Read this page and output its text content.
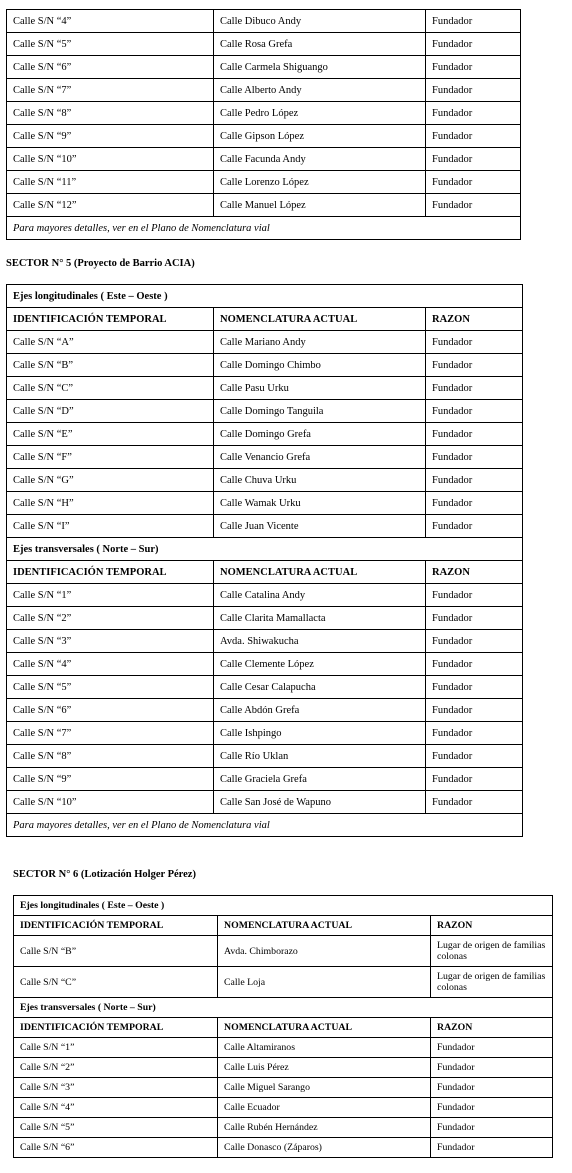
Calle S/N “4”	Calle Dibuco Andy	Fundador
Calle S/N “5”	Calle Rosa Grefa	Fundador
Calle S/N “6”	Calle Carmela Shiguango	Fundador
Calle S/N “7”	Calle Alberto Andy	Fundador
Calle S/N “8”	Calle Pedro López	Fundador
Calle S/N “9”	Calle Gipson López	Fundador
Calle S/N “10”	Calle Facunda Andy	Fundador
Calle S/N “11”	Calle Lorenzo López	Fundador
Calle S/N “12”	Calle Manuel López	Fundador
Para mayores detalles, ver en el Plano de Nomenclatura vial		
SECTOR N° 5 (Proyecto de Barrio ACIA)
Ejes longitudinales ( Este – Oeste )		
IDENTIFICACIÓN TEMPORAL	NOMENCLATURA ACTUAL	RAZON
Calle S/N “A”	Calle Mariano Andy	Fundador
Calle S/N “B”	Calle Domingo Chimbo	Fundador
Calle S/N “C”	Calle Pasu Urku	Fundador
Calle S/N “D”	Calle Domingo Tanguila	Fundador
Calle S/N “E”	Calle Domingo Grefa	Fundador
Calle S/N “F”	Calle Venancio Grefa	Fundador
Calle S/N “G”	Calle Chuva Urku	Fundador
Calle S/N “H”	Calle Wamak Urku	Fundador
Calle S/N “I”	Calle Juan Vicente	Fundador
Ejes transversales ( Norte – Sur)		
IDENTIFICACIÓN TEMPORAL	NOMENCLATURA ACTUAL	RAZON
Calle S/N “1”	Calle Catalina Andy	Fundador
Calle S/N “2”	Calle Clarita Mamallacta	Fundador
Calle S/N “3”	Avda. Shiwakucha	Fundador
Calle S/N “4”	Calle Clemente López	Fundador
Calle S/N “5”	Calle Cesar Calapucha	Fundador
Calle S/N “6”	Calle Abdón Grefa	Fundador
Calle S/N “7”	Calle Ishpingo	Fundador
Calle S/N “8”	Calle Río Uklan	Fundador
Calle S/N “9”	Calle Graciela Grefa	Fundador
Calle S/N “10”	Calle San José de Wapuno	Fundador
Para mayores detalles, ver en el Plano de Nomenclatura vial		
SECTOR N° 6 (Lotización Holger Pérez)
Ejes longitudinales ( Este – Oeste )		
IDENTIFICACIÓN TEMPORAL	NOMENCLATURA ACTUAL	RAZON
Calle S/N “B”	Avda. Chimborazo	Lugar de origen de familias colonas
Calle S/N “C”	Calle Loja	Lugar de origen de familias colonas
Ejes transversales ( Norte – Sur)		
IDENTIFICACIÓN TEMPORAL	NOMENCLATURA ACTUAL	RAZON
Calle S/N “1”	Calle Altamiranos	Fundador
Calle S/N “2”	Calle Luis Pérez	Fundador
Calle S/N “3”	Calle Miguel Sarango	Fundador
Calle S/N “4”	Calle Ecuador	Fundador
Calle S/N “5”	Calle Rubén Hernández	Fundador
Calle S/N “6”	Calle Donasco (Záparos)	Fundador
